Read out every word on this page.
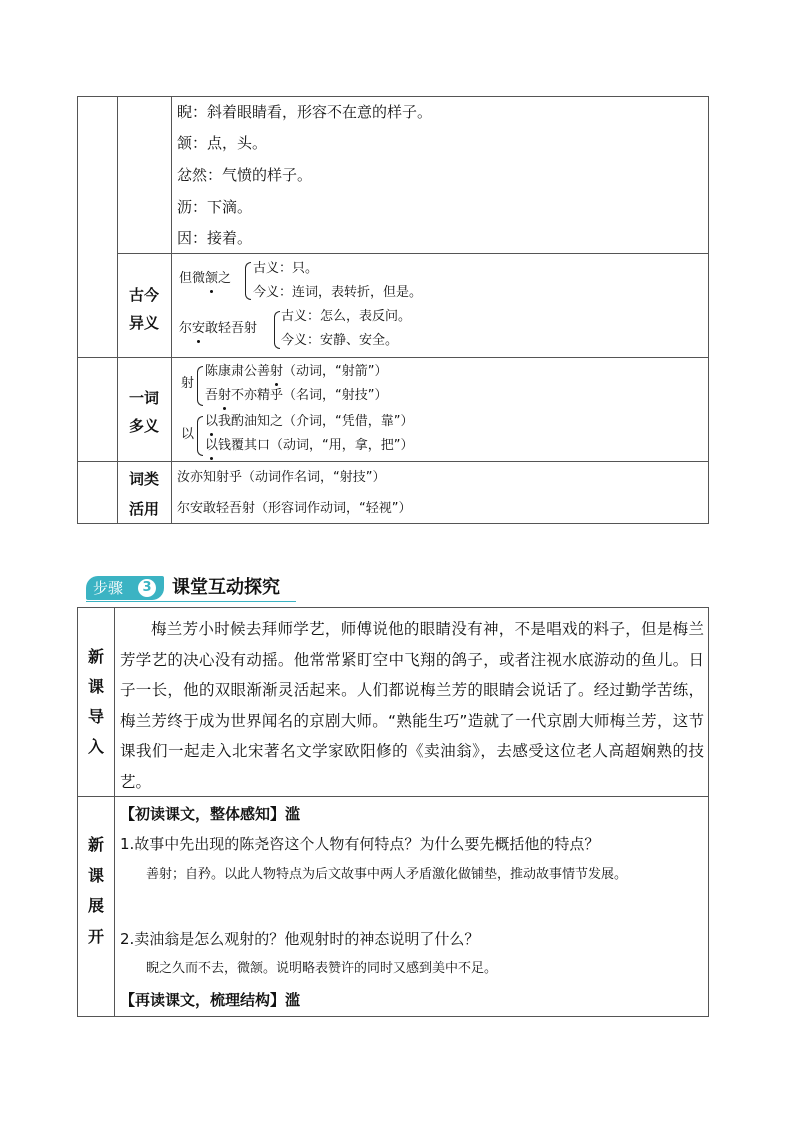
睨：斜着眼睛看，形容不在意的样子。
颔：点，头。
忿然：气愤的样子。
沥：下滴。
因：接着。
古今
异义
但微颔之
古义：只。
今义：连词，表转折，但是。
尔安敢轻吾射
古义：怎么，表反问。
今义：安静、安全。
一词
多义
射
陈康肃公善射（动词，“射箭”）
吾射不亦精乎（名词，“射技”）
以
以我酌油知之（介词，“凭借，靠”）
以钱覆其口（动词，“用，拿，把”）
词类
活用
汝亦知射乎（动词作名词，“射技”）
尔安敢轻吾射（形容词作动词，“轻视”）
步骤	3 课堂互动探究
新
课
导
入
梅兰芳小时候去拜师学艺，师傅说他的眼睛没有神，不是唱戏的料子，但是梅兰芳学艺的决心没有动摇。他常常紧盯空中飞翔的鸽子，或者注视水底游动的鱼儿。日子一长，他的双眼渐渐灵活起来。人们都说梅兰芳的眼睛会说话了。经过勤学苦练，梅兰芳终于成为世界闻名的京剧大师。“熟能生巧”造就了一代京剧大师梅兰芳，这节课我们一起走入北宋著名文学家欧阳修的《卖油翁》，去感受这位老人高超娴熟的技艺。
新
课
展
开
【初读课文，整体感知】滥
1.故事中先出现的陈尧咨这个人物有何特点？为什么要先概括他的特点？
善射；自矜。以此人物特点为后文故事中两人矛盾激化做铺垫，推动故事情节发展。
2.卖油翁是怎么观射的？他观射时的神态说明了什么？
睨之久而不去，微颔。说明略表赞许的同时又感到美中不足。
【再读课文，梳理结构】滥
